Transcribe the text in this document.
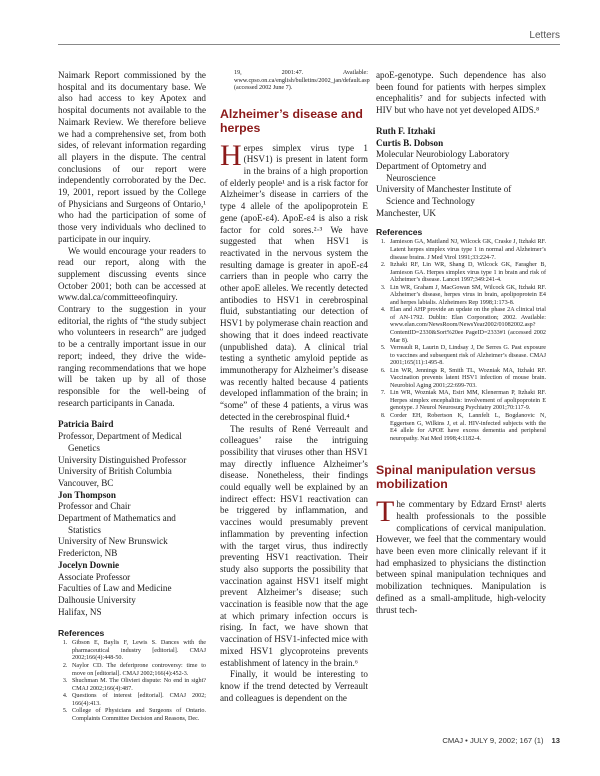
Letters

Naimark Report commissioned by the hospital and its documentary base. We also had access to key Apotex and hospital documents not available to the Naimark Review. We therefore believe we had a comprehensive set, from both sides, of relevant information regarding all players in the dispute. The central conclusions of our report were independently corroborated by the Dec. 19, 2001, report issued by the College of Physicians and Surgeons of Ontario,¹ who had the participation of some of those very individuals who declined to participate in our inquiry.

We would encourage your readers to read our report, along with the supplement discussing events since October 2001; both can be accessed at www.dal.ca/committeeofinquiry. Contrary to the suggestion in your editorial, the rights of “the study subject who volunteers in research” are judged to be a centrally important issue in our report; indeed, they drive the wide-ranging recommendations that we hope will be taken up by all of those responsible for the well-being of research participants in Canada.

Patricia Baird
Professor, Department of Medical
Genetics
University Distinguished Professor
University of British Columbia
Vancouver, BC
Jon Thompson
Professor and Chair
Department of Mathematics and
Statistics
University of New Brunswick
Fredericton, NB
Jocelyn Downie
Associate Professor
Faculties of Law and Medicine
Dalhousie University
Halifax, NS
References
1. Gibson E, Baylis F, Lewis S. Dances with the pharmaceutical industry [editorial]. CMAJ 2002;166(4):448-50.
2. Naylor CD. The deferiprone controversy: time to move on [editorial]. CMAJ 2002;166(4):452-3.
3. Shuchman M. The Olivieri dispute: No end in sight? CMAJ 2002;166(4):487.
4. Questions of interest [editorial]. CMAJ 2002; 166(4):413.
5. College of Physicians and Surgeons of Ontario. Complaints Committee Decision and Reasons, Dec.
19, 2001:47. Available: www.cpso.on.ca/english/bulletins/2002_jan/default.asp (accessed 2002 June 7).
Alzheimer’s disease and herpes

Herpes simplex virus type 1 (HSV1) is present in latent form in the brains of a high proportion of elderly people¹ and is a risk factor for Alzheimer’s disease in carriers of the type 4 allele of the apolipoprotein E gene (apoE-ε4). ApoE-ε4 is also a risk factor for cold sores.²·³ We have suggested that when HSV1 is reactivated in the nervous system the resulting damage is greater in apoE-ε4 carriers than in people who carry the other apoE alleles. We recently detected antibodies to HSV1 in cerebrospinal fluid, substantiating our detection of HSV1 by polymerase chain reaction and showing that it does indeed reactivate (unpublished data). A clinical trial testing a synthetic amyloid peptide as immunotherapy for Alzheimer’s disease was recently halted because 4 patients developed inflammation of the brain; in “some” of these 4 patients, a virus was detected in the cerebrospinal fluid.⁴

The results of René Verreault and colleagues’ raise the intriguing possibility that viruses other than HSV1 may directly influence Alzheimer’s disease. Nonetheless, their findings could equally well be explained by an indirect effect: HSV1 reactivation can be triggered by inflammation, and vaccines would presumably prevent inflammation by preventing infection with the target virus, thus indirectly preventing HSV1 reactivation. Their study also supports the possibility that vaccination against HSV1 itself might prevent Alzheimer’s disease; such vaccination is feasible now that the age at which primary infection occurs is rising. In fact, we have shown that vaccination of HSV1-infected mice with mixed HSV1 glycoproteins prevents establishment of latency in the brain.⁶

Finally, it would be interesting to know if the trend detected by Verreault and colleagues is dependent on the

apoE-genotype. Such dependence has also been found for patients with herpes simplex encephalitis⁷ and for subjects infected with HIV but who have not yet developed AIDS.⁸

Ruth F. Itzhaki
Curtis B. Dobson
Molecular Neurobiology Laboratory
Department of Optometry and
Neuroscience
University of Manchester Institute of
Science and Technology
Manchester, UK
References
1. Jamieson GA, Maitland NJ, Wilcock GK, Craske J, Itzhaki RF. Latent herpes simplex virus type 1 in normal and Alzheimer’s disease brains. J Med Virol 1991;33:224-7.
2. Itzhaki RF, Lin WR, Shang D, Wilcock GK, Faragher B, Jamieson GA. Herpes simplex virus type 1 in brain and risk of Alzheimer’s disease. Lancet 1997;349:241-4.
3. Lin WR, Graham J, MacGowan SM, Wilcock GK, Itzhaki RF. Alzheimer’s disease, herpes virus in brain, apolipoprotein E4 and herpes labialis. Alzheimers Rep 1998;1:173-8.
4. Elan and AHP provide an update on the phase 2A clinical trial of AN-1792. Dublin: Elan Corporation; 2002. Available: www.elan.com/NewsRoom/NewsYear2002/01082002.asp?ContentID=2330&Sort%20ee PageID=2333#1 (accessed 2002 Mar 8).
5. Verreault R, Laurin D, Lindsay J, De Serres G. Past exposure to vaccines and subsequent risk of Alzheimer’s disease. CMAJ 2001;165(11):1495-8.
6. Lin WR, Jennings R, Smith TL, Wozniak MA, Itzhaki RF. Vaccination prevents latent HSV1 infection of mouse brain. Neurobiol Aging 2001;22:699-703.
7. Lin WR, Wozniak MA, Esiri MM, Klenerman P, Itzhaki RF. Herpes simplex encephalitis: involvement of apolipoprotein E genotype. J Neurol Neurosurg Psychiatry 2001;70:117-9.
8. Corder EH, Robertson K, Lannfelt L, Bogdanovic N, Eggertsen G, Wilkins J, et al. HIV-infected subjects with the E4 allele for APOE have excess dementia and peripheral neuropathy. Nat Med 1998;4:1182-4.
Spinal manipulation versus mobilization

The commentary by Edzard Ernst¹ alerts health professionals to the possible complications of cervical manipulation. However, we feel that the commentary would have been even more clinically relevant if it had emphasized to physicians the distinction between spinal manipulation techniques and mobilization techniques. Manipulation is defined as a small-amplitude, high-velocity thrust tech-

CMAJ • JULY 9, 2002; 167 (1) 13
